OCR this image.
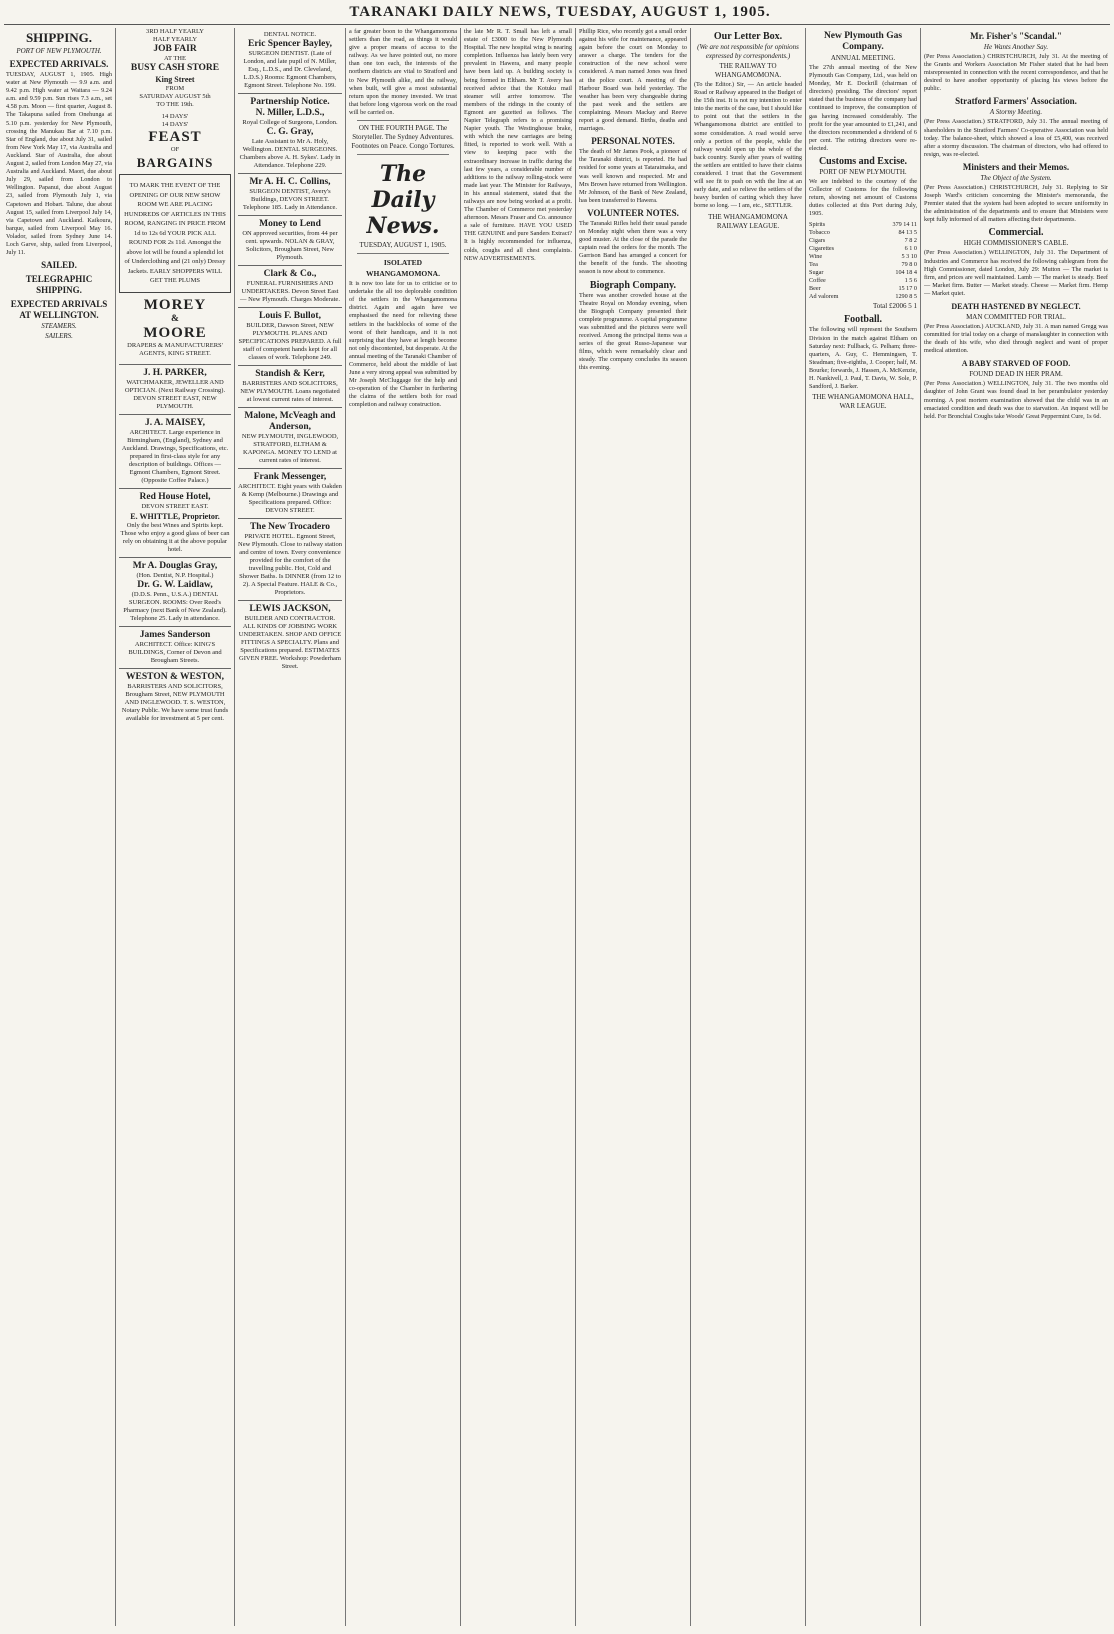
TARANAKI DAILY NEWS, TUESDAY, AUGUST 1, 1905.
SHIPPING.
PORT OF NEW PLYMOUTH.
EXPECTED ARRIVALS.

TUESDAY, AUGUST 1, 1905. High water at New Plymouth — 9.9 a.m. and 9.42 p.m. High water at Waitara — 9.24 a.m. and 9.59 p.m. Sun rises 7.3 a.m., set 4.58 p.m. Moon — first quarter, August 8. The Takapuna sailed from Onehunga at 5.10 p.m. yesterday for New Plymouth, crossing the Manukau Bar at 7.10 p.m. Star of England, due about July 31, sailed from New York May 17, via Australia and Auckland. Star of Australia, due about August 2, sailed from London May 27, via Australia and Auckland. Maori, due about July 29, sailed from London to Wellington. Papanui, due about August 23, sailed from Plymouth July 1, via Capetown and Hobart. Talune, due about August 15, sailed from Liverpool July 14, via Capetown and Auckland. Kaikoura, barque, sailed from Liverpool May 16. Volador, sailed from Sydney June 14. Loch Garve, ship, sailed from Liverpool, July 11.

SAILED.
TELEGRAPHIC SHIPPING.
EXPECTED ARRIVALS AT WELLINGTON.
STEAMERS.
SAILERS.
3RD HALF YEARLY
HALF YEARLY
JOB FAIR
AT THE
BUSY CASH STORE
King Street
FROM
SATURDAY AUGUST 5th
TO THE 19th.
14 DAYS'
14 DAYS'
FEAST
OF
BARGAINS
TO MARK THE EVENT OF THE OPENING OF OUR NEW SHOW ROOM WE ARE PLACING HUNDREDS OF ARTICLES IN THIS ROOM, RANGING IN PRICE FROM 1d to 12s 6d YOUR PICK ALL ROUND FOR 2s 11d. Amongst the above lot will be found a splendid lot of Underclothing and (21 only) Dressy Jackets. EARLY SHOPPERS WILL GET THE PLUMS
MOREY
&
MOORE
DRAPERS & MANUFACTURERS' AGENTS, KING STREET.
J. H. PARKER,
WATCHMAKER, JEWELLER AND OPTICIAN. (Next Railway Crossing). DEVON STREET EAST, NEW PLYMOUTH.
J. A. MAISEY,
ARCHITECT. Large experience in Birmingham, (England), Sydney and Auckland. Drawings, Specifications, etc. prepared in first-class style for any description of buildings. Offices — Egmont Chambers, Egmont Street. (Opposite Coffee Palace.)
Red House Hotel,
DEVON STREET EAST.
E. WHITTLE, Proprietor.
Only the best Wines and Spirits kept. Those who enjoy a good glass of beer can rely on obtaining it at the above popular hotel.
Mr A. Douglas Gray,
(Hon. Dentist, N.P. Hospital.)
Dr. G. W. Laidlaw,
(D.D.S. Penn., U.S.A.) DENTAL SURGEON. ROOMS: Over Reed's Pharmacy (next Bank of New Zealand). Telephone 25. Lady in attendance.
James Sanderson
ARCHITECT. Office: KING'S BUILDINGS, Corner of Devon and Brougham Streets.
WESTON & WESTON,
BARRISTERS AND SOLICITORS, Brougham Street, NEW PLYMOUTH AND INGLEWOOD. T. S. WESTON, Notary Public. We have some trust funds available for investment at 5 per cent.
DENTAL NOTICE.
Eric Spencer Bayley,
SURGEON DENTIST. (Late of London, and late pupil of N. Miller, Esq., L.D.S., and Dr. Cleveland, L.D.S.) Rooms: Egmont Chambers, Egmont Street. Telephone No. 199.
Partnership Notice.
N. Miller, L.D.S.,
Royal College of Surgeons, London.
C. G. Gray,
Late Assistant to Mr A. Holy, Wellington. DENTAL SURGEONS. Chambers above A. H. Sykes'. Lady in Attendance. Telephone 229.
Mr A. H. C. Collins,
SURGEON DENTIST, Avery's Buildings, DEVON STREET. Telephone 185. Lady in Attendance.
Money to Lend
ON approved securities, from 44 per cent. upwards. NOLAN & GRAY, Solicitors, Brougham Street, New Plymouth.
Clark & Co.,
FUNERAL FURNISHERS AND UNDERTAKERS. Devon Street East — New Plymouth. Charges Moderate.
Louis F. Bullot,
BUILDER, Dawson Street, NEW PLYMOUTH. PLANS AND SPECIFICATIONS PREPARED. A full staff of competent hands kept for all classes of work. Telephone 249.
Standish & Kerr,
BARRISTERS AND SOLICITORS, NEW PLYMOUTH. Loans negotiated at lowest current rates of interest.
Malone, McVeagh and Anderson,
NEW PLYMOUTH, INGLEWOOD, STRATFORD, ELTHAM & KAPONGA. MONEY TO LEND at current rates of interest.
Frank Messenger,
ARCHITECT. Eight years with Oakden & Kemp (Melbourne.) Drawings and Specifications prepared. Office: DEVON STREET.
The New Trocadero
PRIVATE HOTEL. Egmont Street, New Plymouth. Close to railway station and centre of town. Every convenience provided for the comfort of the travelling public. Hot, Cold and Shower Baths. Is DINNER (from 12 to 2). A Special Feature. HALE & Co., Proprietors.
LEWIS JACKSON,
BUILDER AND CONTRACTOR. ALL KINDS OF JOBBING WORK UNDERTAKEN. SHOP AND OFFICE FITTINGS A SPECIALTY. Plans and Specifications prepared. ESTIMATES GIVEN FREE. Workshop: Powderham Street.

a far greater boon to the Whangamomona settlers than the road, as things it would give a proper means of access to the railway. As we have pointed out, no more than one ton each, the interests of the northern districts are vital to Stratford and to New Plymouth alike, and the railway, when built, will give a most substantial return upon the money invested. We trust that before long vigorous work on the road will be carried on.

ON THE FOURTH PAGE. The Storyteller. The Sydney Adventures. Footnotes on Peace. Congo Tortures.
The Daily News.
TUESDAY, AUGUST 1, 1905.
ISOLATED WHANGAMOMONA.

It is now too late for us to criticise or to undertake the all too deplorable condition of the settlers in the Whangamomona district. Again and again have we emphasised the need for relieving these settlers in the backblocks of some of the worst of their handicaps, and it is not surprising that they have at length become not only discontented, but desperate. At the annual meeting of the Taranaki Chamber of Commerce, held about the middle of last June a very strong appeal was submitted by Mr Joseph McCluggage for the help and co-operation of the Chamber in furthering the claims of the settlers both for road completion and railway construction.

the late Mr R. T. Small has left a small estate of £3000 to the New Plymouth Hospital. The new hospital wing is nearing completion. Influenza has lately been very prevalent in Hawera, and many people have been laid up. A building society is being formed in Eltham. Mr T. Avery has received advice that the Kotuku mail steamer will arrive tomorrow. The members of the ridings in the county of Egmont are gazetted as follows. The Napier Telegraph refers to a promising Napier youth. The Westinghouse brake, with which the new carriages are being fitted, is reported to work well. With a view to keeping pace with the extraordinary increase in traffic during the last few years, a considerable number of additions to the railway rolling-stock were made last year. The Minister for Railways, in his annual statement, stated that the railways are now being worked at a profit. The Chamber of Commerce met yesterday afternoon. Messrs Fraser and Co. announce a sale of furniture. HAVE YOU USED THE GENUINE and pure Sanders Extract? It is highly recommended for influenza, colds, coughs and all chest complaints. NEW ADVERTISEMENTS.

Phillip Rice, who recently got a small order against his wife for maintenance, appeared again before the court on Monday to answer a charge. The tenders for the construction of the new school were considered. A man named Jones was fined at the police court. A meeting of the Harbour Board was held yesterday. The weather has been very changeable during the past week and the settlers are complaining. Messrs Mackay and Reeve report a good demand. Births, deaths and marriages.

PERSONAL NOTES.

The death of Mr James Pook, a pioneer of the Taranaki district, is reported. He had resided for some years at Tataraimaka, and was well known and respected. Mr and Mrs Brown have returned from Wellington. Mr Johnson, of the Bank of New Zealand, has been transferred to Hawera.

VOLUNTEER NOTES.

The Taranaki Rifles held their usual parade on Monday night when there was a very good muster. At the close of the parade the captain read the orders for the month. The Garrison Band has arranged a concert for the benefit of the funds. The shooting season is now about to commence.

Biograph Company.

There was another crowded house at the Theatre Royal on Monday evening, when the Biograph Company presented their complete programme. A capital programme was submitted and the pictures were well received. Among the principal items was a series of the great Russo-Japanese war films, which were remarkably clear and steady. The company concludes its season this evening.

Our Letter Box.
(We are not responsible for opinions expressed by correspondents.)
THE RAILWAY TO WHANGAMOMONA.

(To the Editor.) Sir, — An article headed Road or Railway appeared in the Budget of the 15th inst. It is not my intention to enter into the merits of the case, but I should like to point out that the settlers in the Whangamomona district are entitled to some consideration. A road would serve only a portion of the people, while the railway would open up the whole of the back country. Surely after years of waiting the settlers are entitled to have their claims considered. I trust that the Government will see fit to push on with the line at an early date, and so relieve the settlers of the heavy burden of carting which they have borne so long. — I am, etc., SETTLER.

THE WHANGAMOMONA RAILWAY LEAGUE.
New Plymouth Gas Company.
ANNUAL MEETING.

The 27th annual meeting of the New Plymouth Gas Company, Ltd., was held on Monday, Mr E. Dockrill (chairman of directors) presiding. The directors' report stated that the business of the company had continued to improve, the consumption of gas having increased considerably. The profit for the year amounted to £1,241, and the directors recommended a dividend of 6 per cent. The retiring directors were re-elected.

Customs and Excise.
PORT OF NEW PLYMOUTH.

We are indebted to the courtesy of the Collector of Customs for the following return, showing net amount of Customs duties collected at this Port during July, 1905.

Spirits	379 14 11
Tobacco	84 13 5
Cigars	7 8 2
Cigarettes	6 1 0
Wine	5 3 10
Tea	79 8 0
Sugar	104 18 4
Coffee	1 5 6
Beer	15 17 0
Ad valorem	1290 8 5
Total £2006 5 1
Football.

The following will represent the Southern Division in the match against Eltham on Saturday next: Fullback, G. Pelham; three-quarters, A. Guy, C. Hemmingsen, T. Steadman; five-eighths, J. Cooper; half, M. Bourke; forwards, J. Hassen, A. McKenzie, H. Nankivell, J. Paul, T. Davis, W. Sole, P. Sandford, J. Barker.

THE WHANGAMOMONA HALL, WAR LEAGUE.
Mr. Fisher's "Scandal."
He Wants Another Say.

(Per Press Association.) CHRISTCHURCH, July 31. At the meeting of the Grants and Workers Association Mr Fisher stated that he had been misrepresented in connection with the recent correspondence, and that he desired to have another opportunity of placing his views before the public.

Stratford Farmers' Association.
A Stormy Meeting.

(Per Press Association.) STRATFORD, July 31. The annual meeting of shareholders in the Stratford Farmers' Co-operative Association was held today. The balance-sheet, which showed a loss of £5,400, was received after a stormy discussion. The chairman of directors, who had offered to resign, was re-elected.

Ministers and their Memos.
The Object of the System.

(Per Press Association.) CHRISTCHURCH, July 31. Replying to Sir Joseph Ward's criticism concerning the Minister's memoranda, the Premier stated that the system had been adopted to secure uniformity in the administration of the departments and to ensure that Ministers were kept fully informed of all matters affecting their departments.

Commercial.
HIGH COMMISSIONER'S CABLE.

(Per Press Association.) WELLINGTON, July 31. The Department of Industries and Commerce has received the following cablegram from the High Commissioner, dated London, July 29: Mutton — The market is firm, and prices are well maintained. Lamb — The market is steady. Beef — Market firm. Butter — Market steady. Cheese — Market firm. Hemp — Market quiet.

DEATH HASTENED BY NEGLECT.
MAN COMMITTED FOR TRIAL.

(Per Press Association.) AUCKLAND, July 31. A man named Gregg was committed for trial today on a charge of manslaughter in connection with the death of his wife, who died through neglect and want of proper medical attention.

A BABY STARVED OF FOOD.
FOUND DEAD IN HER PRAM.

(Per Press Association.) WELLINGTON, July 31. The two months old daughter of John Grant was found dead in her perambulator yesterday morning. A post mortem examination showed that the child was in an emaciated condition and death was due to starvation. An inquest will be held. For Bronchial Coughs take Woods' Great Peppermint Cure, 1s 6d.
